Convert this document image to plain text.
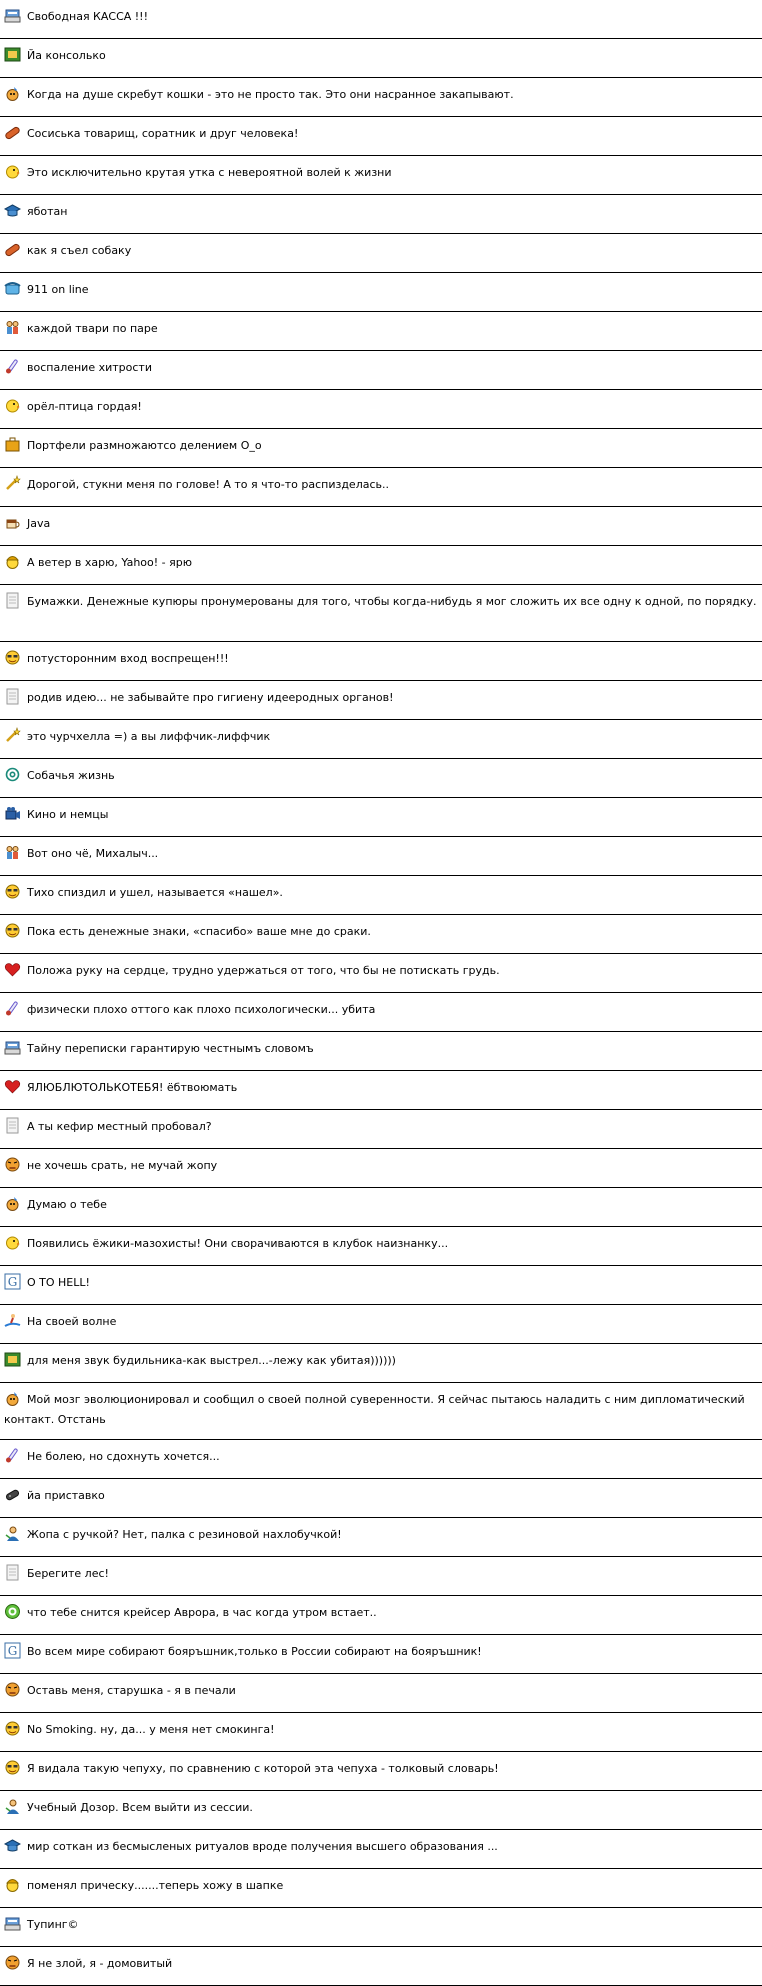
Свободная КАССА !!!
Йа консолько
Когда на душе скребут кошки - это не просто так. Это они насранное закапывают.
Сосиська товарищ, соратник и друг человека!
Это исключительно крутая утка с невероятной волей к жизни
яботан
как я съел собаку
911 on line
каждой твари по паре
воспаление хитрости
орёл-птица гордая!
Портфели размножаютсо делением О_о
Дорогой, стукни меня по голове! А то я что-то распизделась..
Java
А ветер в харю, Yahoo! - ярю
Бумажки. Денежные купюры пронумерованы для того, чтобы когда-нибудь я мог сложить их все одну к одной, по порядку.
потусторонним вход воспрещен!!!
родив идею... не забывайте про гигиену идееродных органов!
это чурчхелла =) а вы лиффчик-лиффчик
Собачья жизнь
Кино и немцы
Вот оно чё, Михалыч...
Тихо спиздил и ушел, называется «нашел».
Пока есть денежные знаки, «спасибо» ваше мне до сраки.
Положа руку на сердце, трудно удержаться от того, что бы не потискать грудь.
физически плохо оттого как плохо психологически... убита
Тайну переписки гарантирую честнымъ словомъ
ЯЛЮБЛЮТОЛЬКОТЕБЯ! ёбтвоюмать
А ты кефир местный пробовал?
не хочешь срать, не мучай жопу
Думаю о тебе
Появились ёжики-мазохисты! Они сворачиваются в клубок наизнанку...
G О ТО HELL!
На своей волне
для меня звук будильника-как выстрел...-лежу как убитая))))))
Мой мозг эволюционировал и сообщил о своей полной суверенности. Я сейчас пытаюсь наладить с ним дипломатический контакт. Отстань
Не болею, но сдохнуть хочется...
йа приставко
Жопа с ручкой? Нет, палка с резиновой нахлобучкой!
Берегите лес!
что тебе снится крейсер Аврора, в час когда утром встает..
G Во всем мире собирают бояръшник,только в России собирают на бояръшник!
Оставь меня, старушка - я в печали
No Smoking. ну, да... у меня нет смокинга!
Я видала такую чепуху, по сравнению с которой эта чепуха - толковый словарь!
Учебный Дозор. Всем выйти из сессии.
мир соткан из бесмысленых ритуалов вроде получения высшего образования ...
поменял прическу.......теперь хожу в шапке
Тупинг©
Я не злой, я - домовитый
